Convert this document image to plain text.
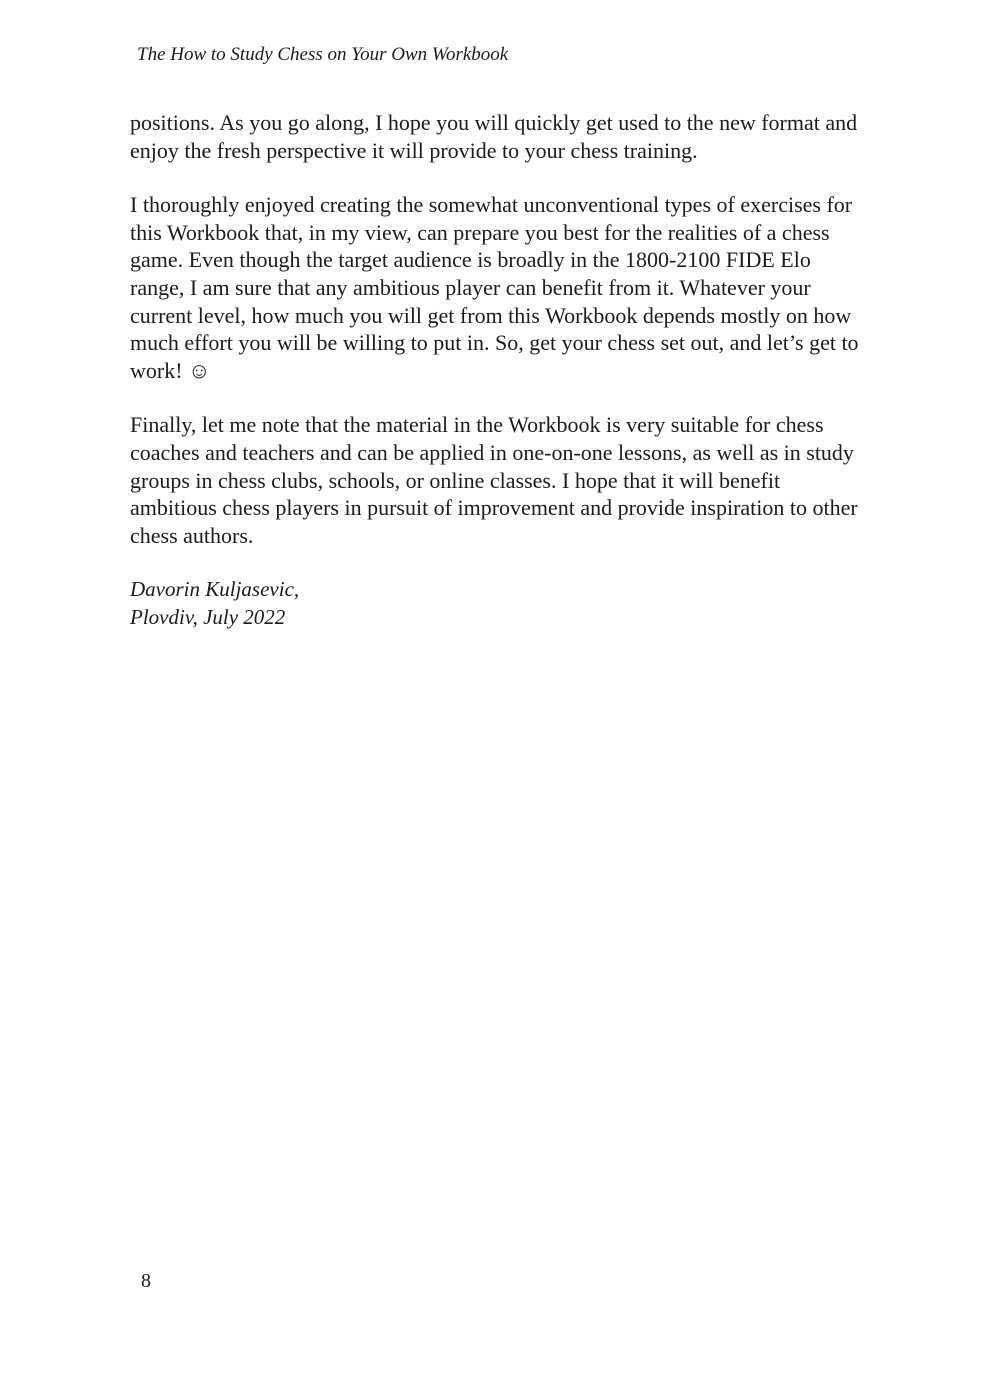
The How to Study Chess on Your Own Workbook

positions. As you go along, I hope you will quickly get used to the new format and enjoy the fresh perspective it will provide to your chess training.

I thoroughly enjoyed creating the somewhat unconventional types of exercises for this Workbook that, in my view, can prepare you best for the realities of a chess game. Even though the target audience is broadly in the 1800-2100 FIDE Elo range, I am sure that any ambitious player can benefit from it. Whatever your current level, how much you will get from this Workbook depends mostly on how much effort you will be willing to put in. So, get your chess set out, and let’s get to work! ☺

Finally, let me note that the material in the Workbook is very suitable for chess coaches and teachers and can be applied in one-on-one lessons, as well as in study groups in chess clubs, schools, or online classes. I hope that it will benefit ambitious chess players in pursuit of improvement and provide inspiration to other chess authors.

Davorin Kuljasevic,
Plovdiv, July 2022
8
